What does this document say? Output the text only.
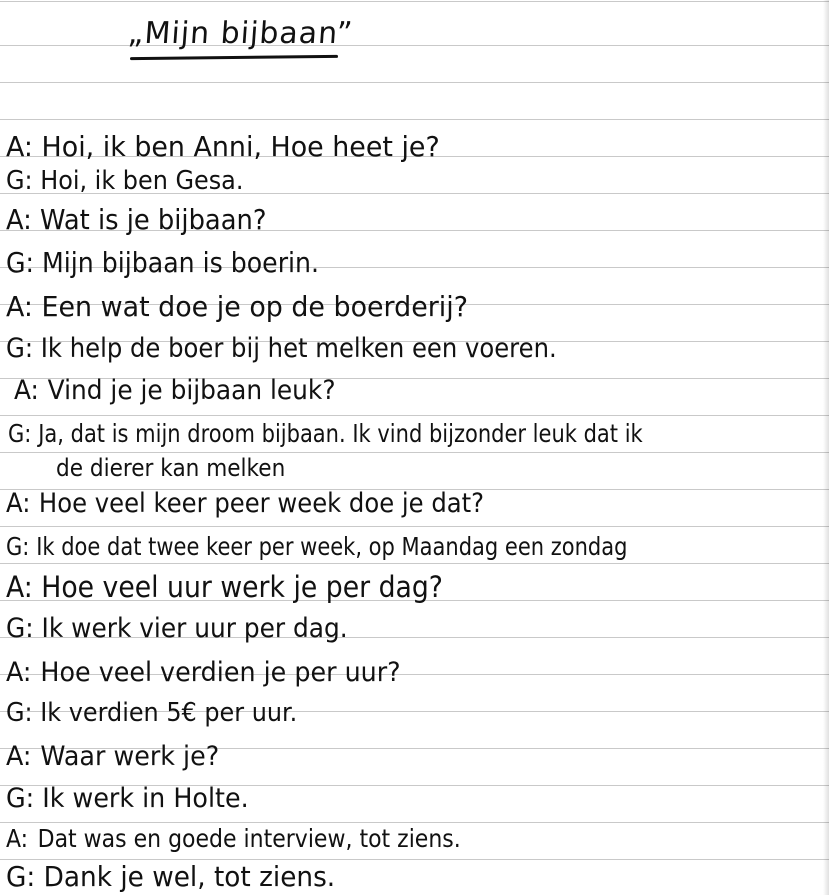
„Mijn bijbaan”
A: Hoi, ik ben Anni, Hoe heet je?
G: Hoi, ik ben Gesa.
A: Wat is je bijbaan?
G: Mijn bijbaan is boerin.
A: Een wat doe je op de boerderij?
G: Ik help de boer bij het melken een voeren.
A: Vind je je bijbaan leuk?
G: Ja, dat is mijn droom bijbaan. Ik vind bijzonder leuk dat ik
de dierer kan melken
A: Hoe veel keer peer week doe je dat?
G: Ik doe dat twee keer per week, op Maandag een zondag
A: Hoe veel uur werk je per dag?
G: Ik werk vier uur per dag.
A: Hoe veel verdien je per uur?
G: Ik verdien 5€ per uur.
A: Waar werk je?
G: Ik werk in Holte.
A: Dat was en goede interview, tot ziens.
G: Dank je wel, tot ziens.
